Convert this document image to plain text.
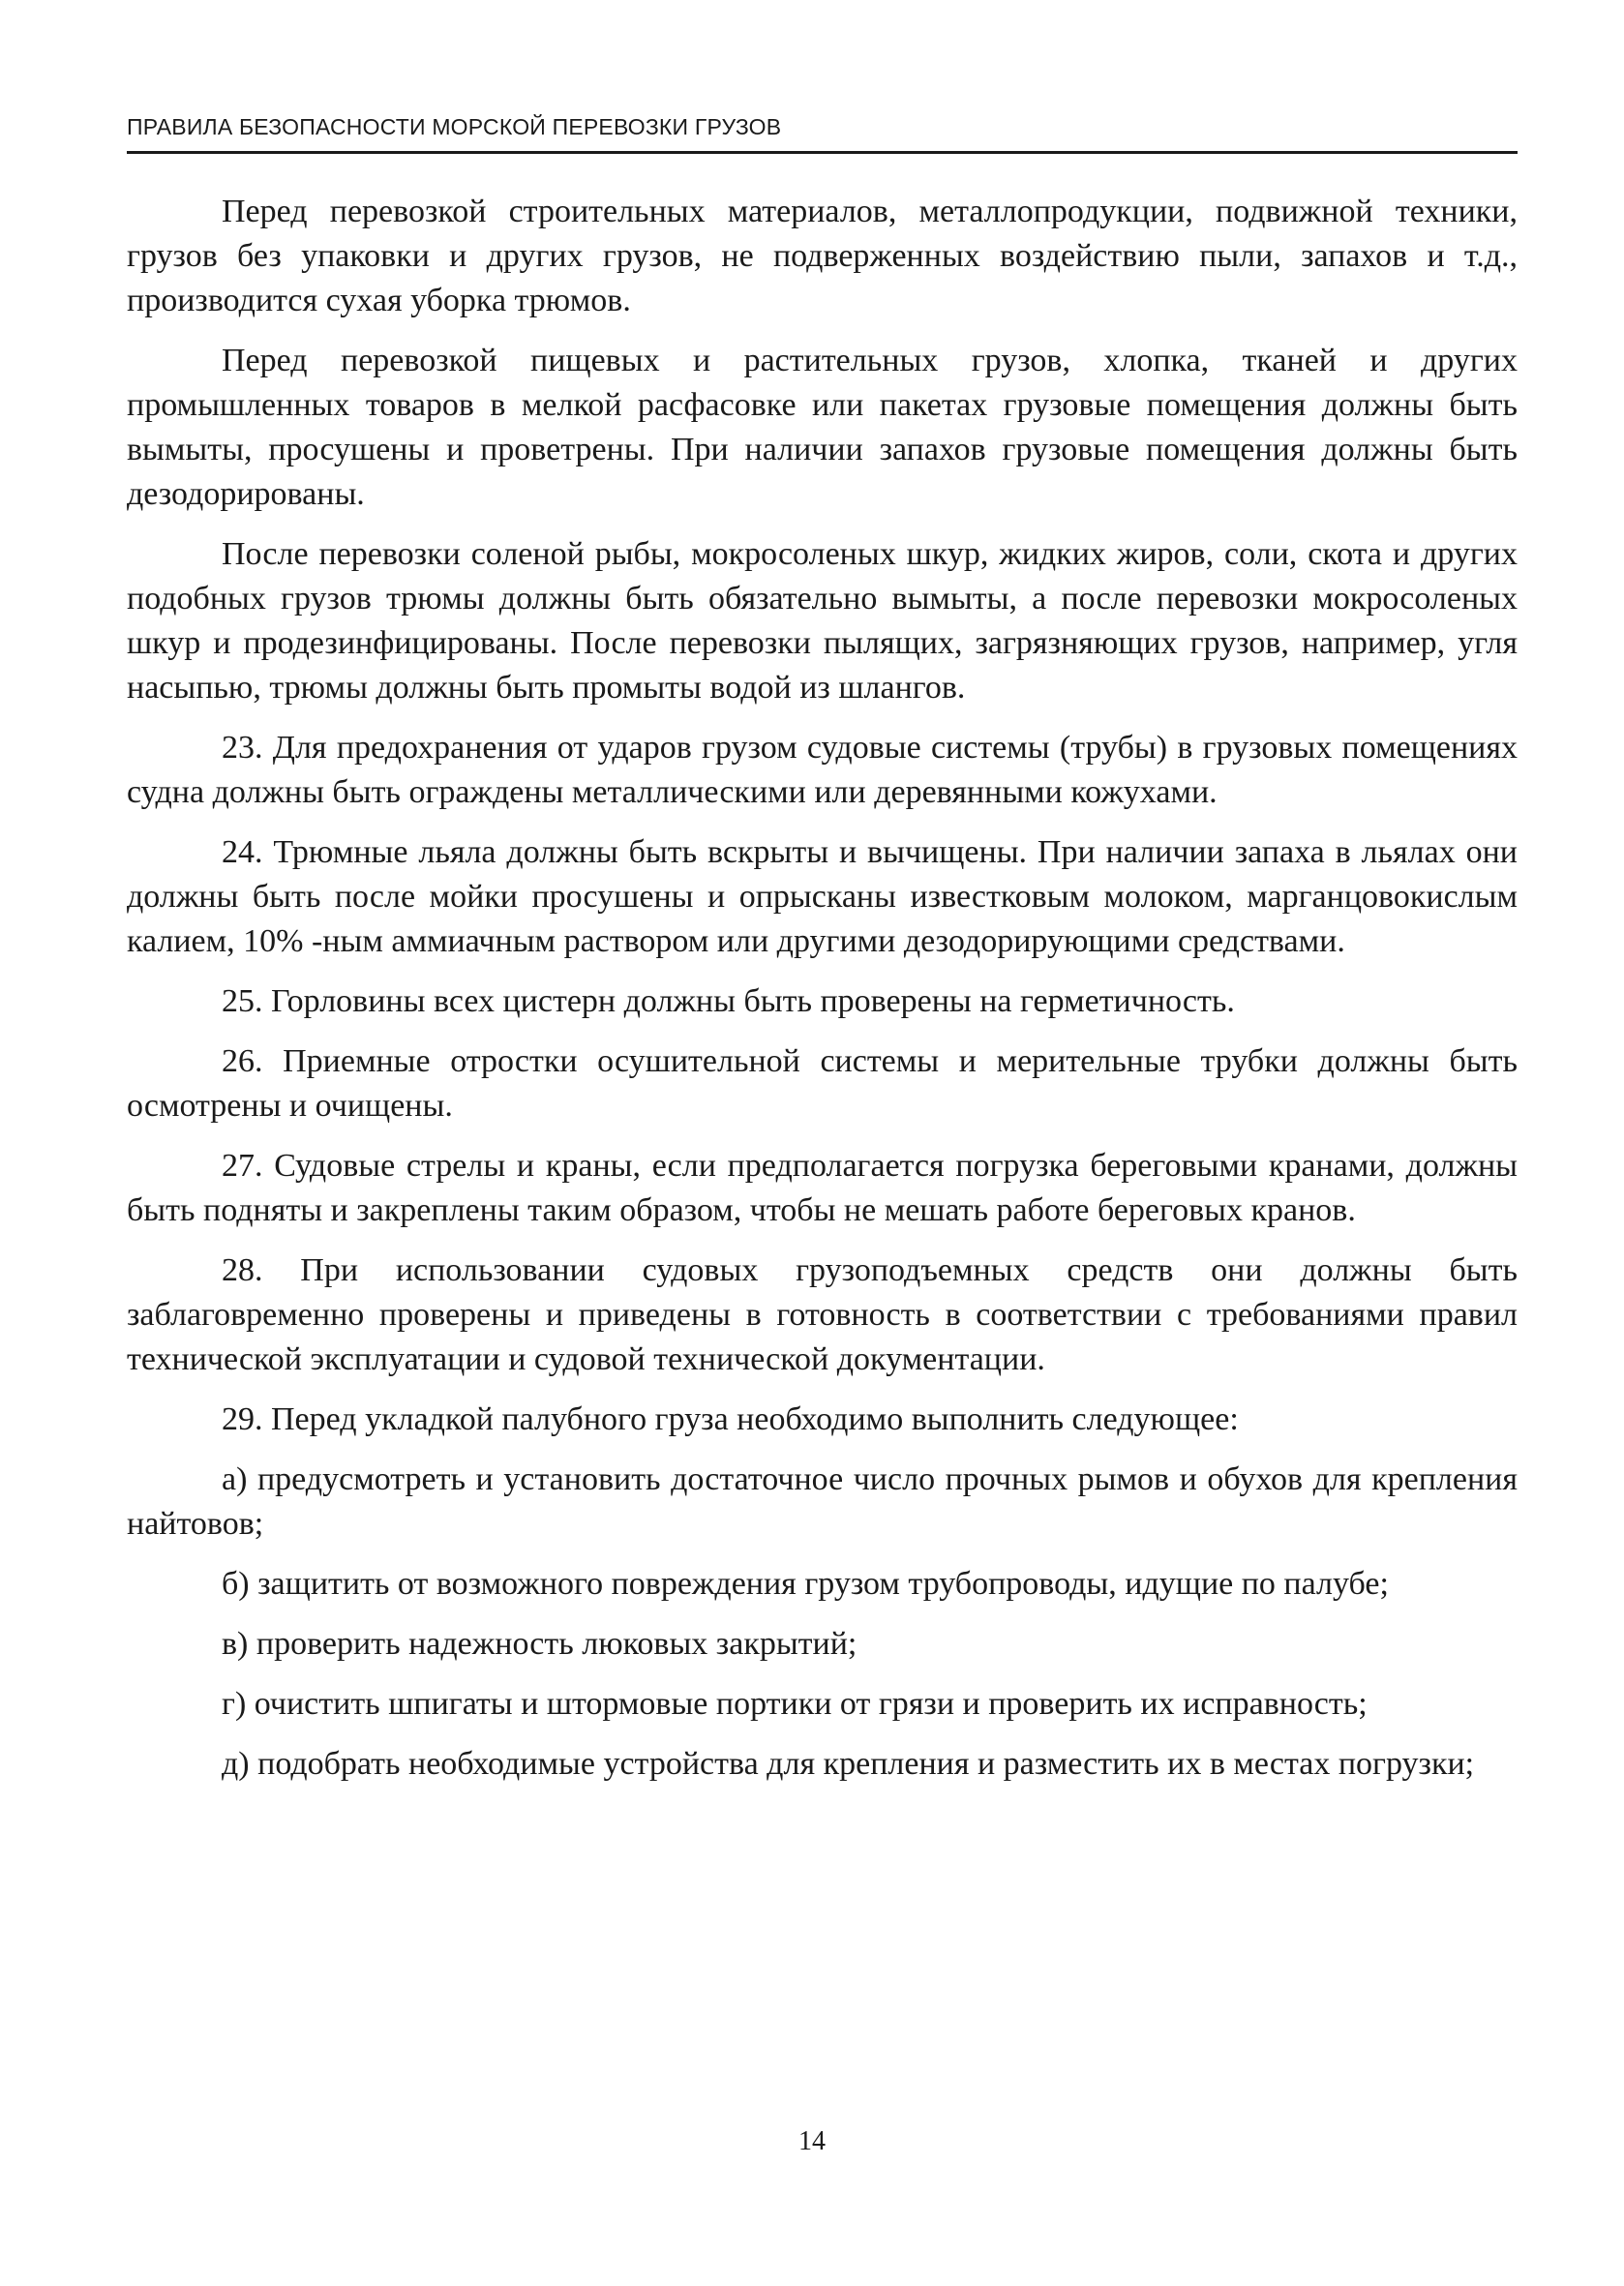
ПРАВИЛА БЕЗОПАСНОСТИ МОРСКОЙ ПЕРЕВОЗКИ ГРУЗОВ

Перед перевозкой строительных материалов, металлопродукции, подвижной техники, грузов без упаковки и других грузов, не подверженных воздействию пыли, запахов и т.д., производится сухая уборка трюмов.

Перед перевозкой пищевых и растительных грузов, хлопка, тканей и других промышленных товаров в мелкой расфасовке или пакетах грузовые помещения должны быть вымыты, просушены и проветрены. При наличии запахов грузовые помещения должны быть дезодорированы.

После перевозки соленой рыбы, мокросоленых шкур, жидких жиров, соли, скота и других подобных грузов трюмы должны быть обязательно вымыты, а после перевозки мокросоленых шкур и продезинфицированы. После перевозки пылящих, загрязняющих грузов, например, угля насыпью, трюмы должны быть промыты водой из шлангов.

23. Для предохранения от ударов грузом судовые системы (трубы) в грузовых помещениях судна должны быть ограждены металлическими или деревянными кожухами.

24. Трюмные льяла должны быть вскрыты и вычищены. При наличии запаха в льялах они должны быть после мойки просушены и опрысканы известковым молоком, марганцовокислым калием, 10% -ным аммиачным раствором или другими дезодорирующими средствами.

25. Горловины всех цистерн должны быть проверены на герметичность.

26. Приемные отростки осушительной системы и мерительные трубки должны быть осмотрены и очищены.

27. Судовые стрелы и краны, если предполагается погрузка береговыми кранами, должны быть подняты и закреплены таким образом, чтобы не мешать работе береговых кранов.

28. При использовании судовых грузоподъемных средств они должны быть заблаговременно проверены и приведены в готовность в соответствии с требованиями правил технической эксплуатации и судовой технической документации.

29. Перед укладкой палубного груза необходимо выполнить следующее:

а) предусмотреть и установить достаточное число прочных рымов и обухов для крепления найтовов;

б) защитить от возможного повреждения грузом трубопроводы, идущие по палубе;

в) проверить надежность люковых закрытий;

г) очистить шпигаты и штормовые портики от грязи и проверить их исправность;

д) подобрать необходимые устройства для крепления и разместить их в местах погрузки;

14
